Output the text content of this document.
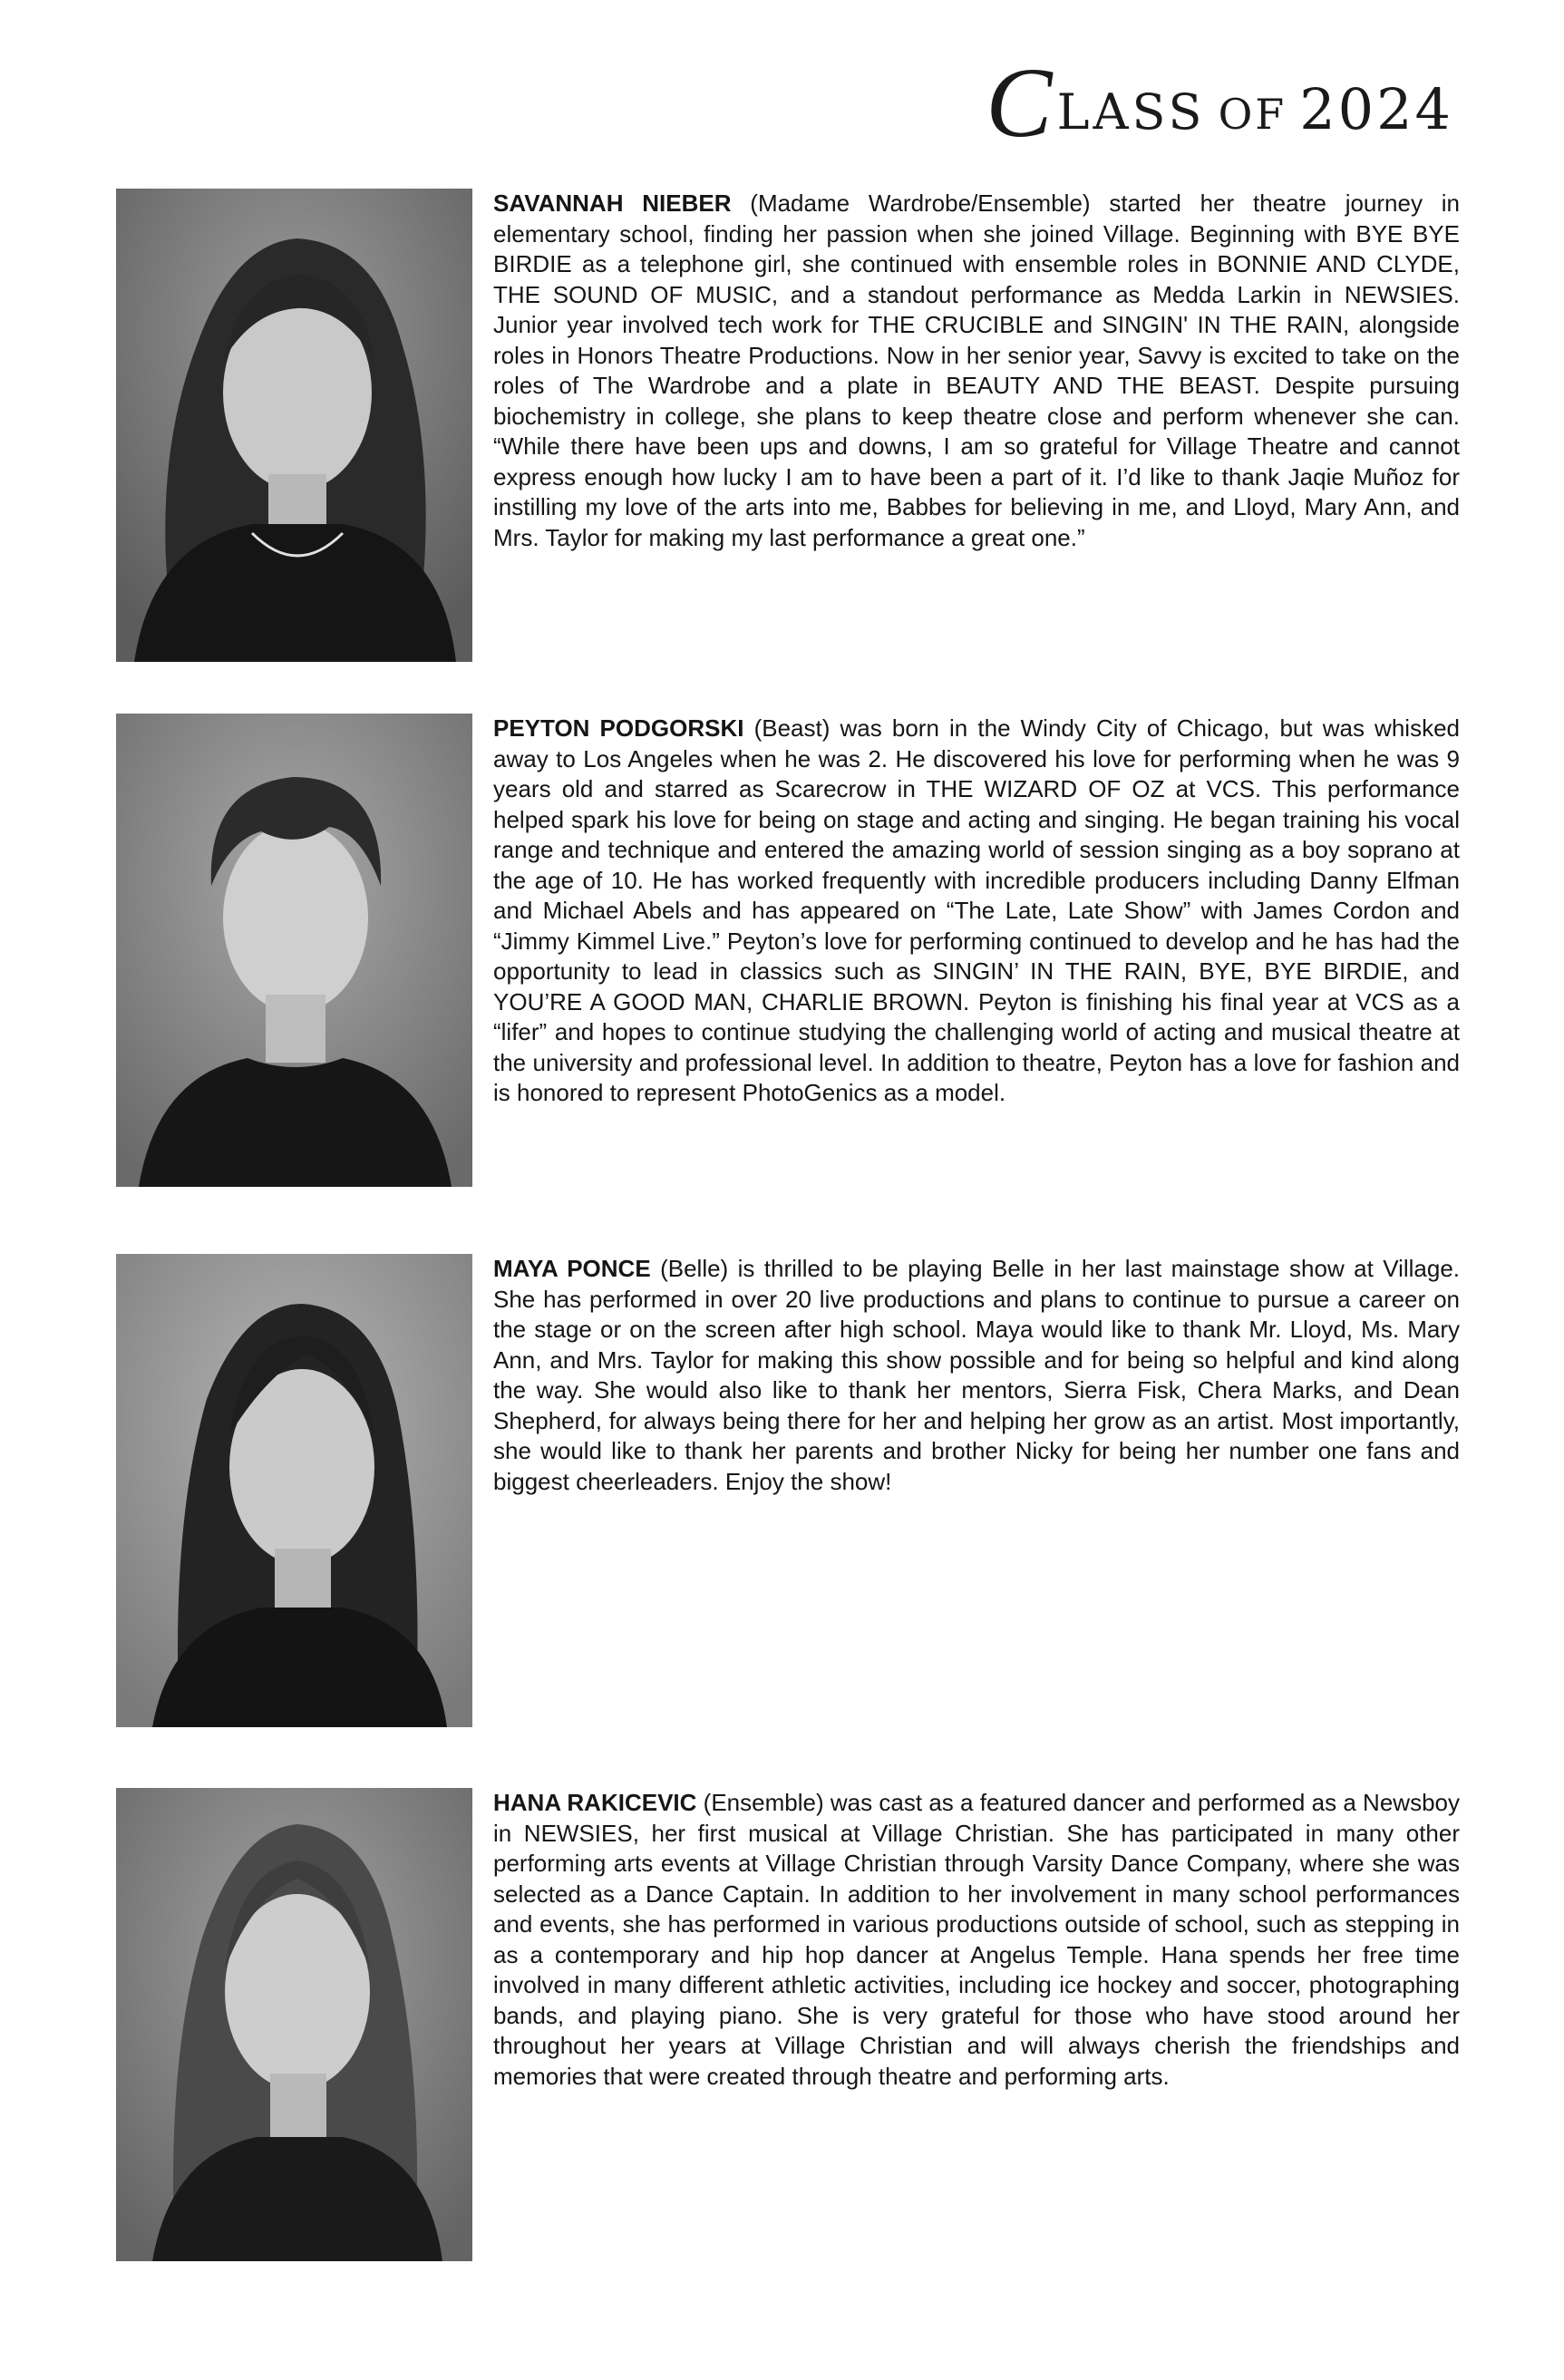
CLASS OF 2024

SAVANNAH NIEBER (Madame Wardrobe/Ensemble) started her theatre journey in elementary school, finding her passion when she joined Village. Beginning with BYE BYE BIRDIE as a telephone girl, she continued with ensemble roles in BONNIE AND CLYDE, THE SOUND OF MUSIC, and a standout performance as Medda Larkin in NEWSIES. Junior year involved tech work for THE CRUCIBLE and SINGIN' IN THE RAIN, alongside roles in Honors Theatre Productions. Now in her senior year, Savvy is excited to take on the roles of The Wardrobe and a plate in BEAUTY AND THE BEAST. Despite pursuing biochemistry in college, she plans to keep theatre close and perform whenever she can. “While there have been ups and downs, I am so grateful for Village Theatre and cannot express enough how lucky I am to have been a part of it. I’d like to thank Jaqie Muñoz for instilling my love of the arts into me, Babbes for believing in me, and Lloyd, Mary Ann, and Mrs. Taylor for making my last performance a great one.”

PEYTON PODGORSKI (Beast) was born in the Windy City of Chicago, but was whisked away to Los Angeles when he was 2. He discovered his love for performing when he was 9 years old and starred as Scarecrow in THE WIZARD OF OZ at VCS. This performance helped spark his love for being on stage and acting and singing. He began training his vocal range and technique and entered the amazing world of session singing as a boy soprano at the age of 10. He has worked frequently with incredible producers including Danny Elfman and Michael Abels and has appeared on “The Late, Late Show” with James Cordon and “Jimmy Kimmel Live.” Peyton’s love for performing continued to develop and he has had the opportunity to lead in classics such as SINGIN’ IN THE RAIN, BYE, BYE BIRDIE, and YOU’RE A GOOD MAN, CHARLIE BROWN. Peyton is finishing his final year at VCS as a “lifer” and hopes to continue studying the challenging world of acting and musical theatre at the university and professional level. In addition to theatre, Peyton has a love for fashion and is honored to represent PhotoGenics as a model.

MAYA PONCE (Belle) is thrilled to be playing Belle in her last mainstage show at Village. She has performed in over 20 live productions and plans to continue to pursue a career on the stage or on the screen after high school. Maya would like to thank Mr. Lloyd, Ms. Mary Ann, and Mrs. Taylor for making this show possible and for being so helpful and kind along the way. She would also like to thank her mentors, Sierra Fisk, Chera Marks, and Dean Shepherd, for always being there for her and helping her grow as an artist. Most importantly, she would like to thank her parents and brother Nicky for being her number one fans and biggest cheerleaders. Enjoy the show!

HANA RAKICEVIC (Ensemble) was cast as a featured dancer and performed as a Newsboy in NEWSIES, her first musical at Village Christian. She has participated in many other performing arts events at Village Christian through Varsity Dance Company, where she was selected as a Dance Captain. In addition to her involvement in many school performances and events, she has performed in various productions outside of school, such as stepping in as a contemporary and hip hop dancer at Angelus Temple. Hana spends her free time involved in many different athletic activities, including ice hockey and soccer, photographing bands, and playing piano. She is very grateful for those who have stood around her throughout her years at Village Christian and will always cherish the friendships and memories that were created through theatre and performing arts.
